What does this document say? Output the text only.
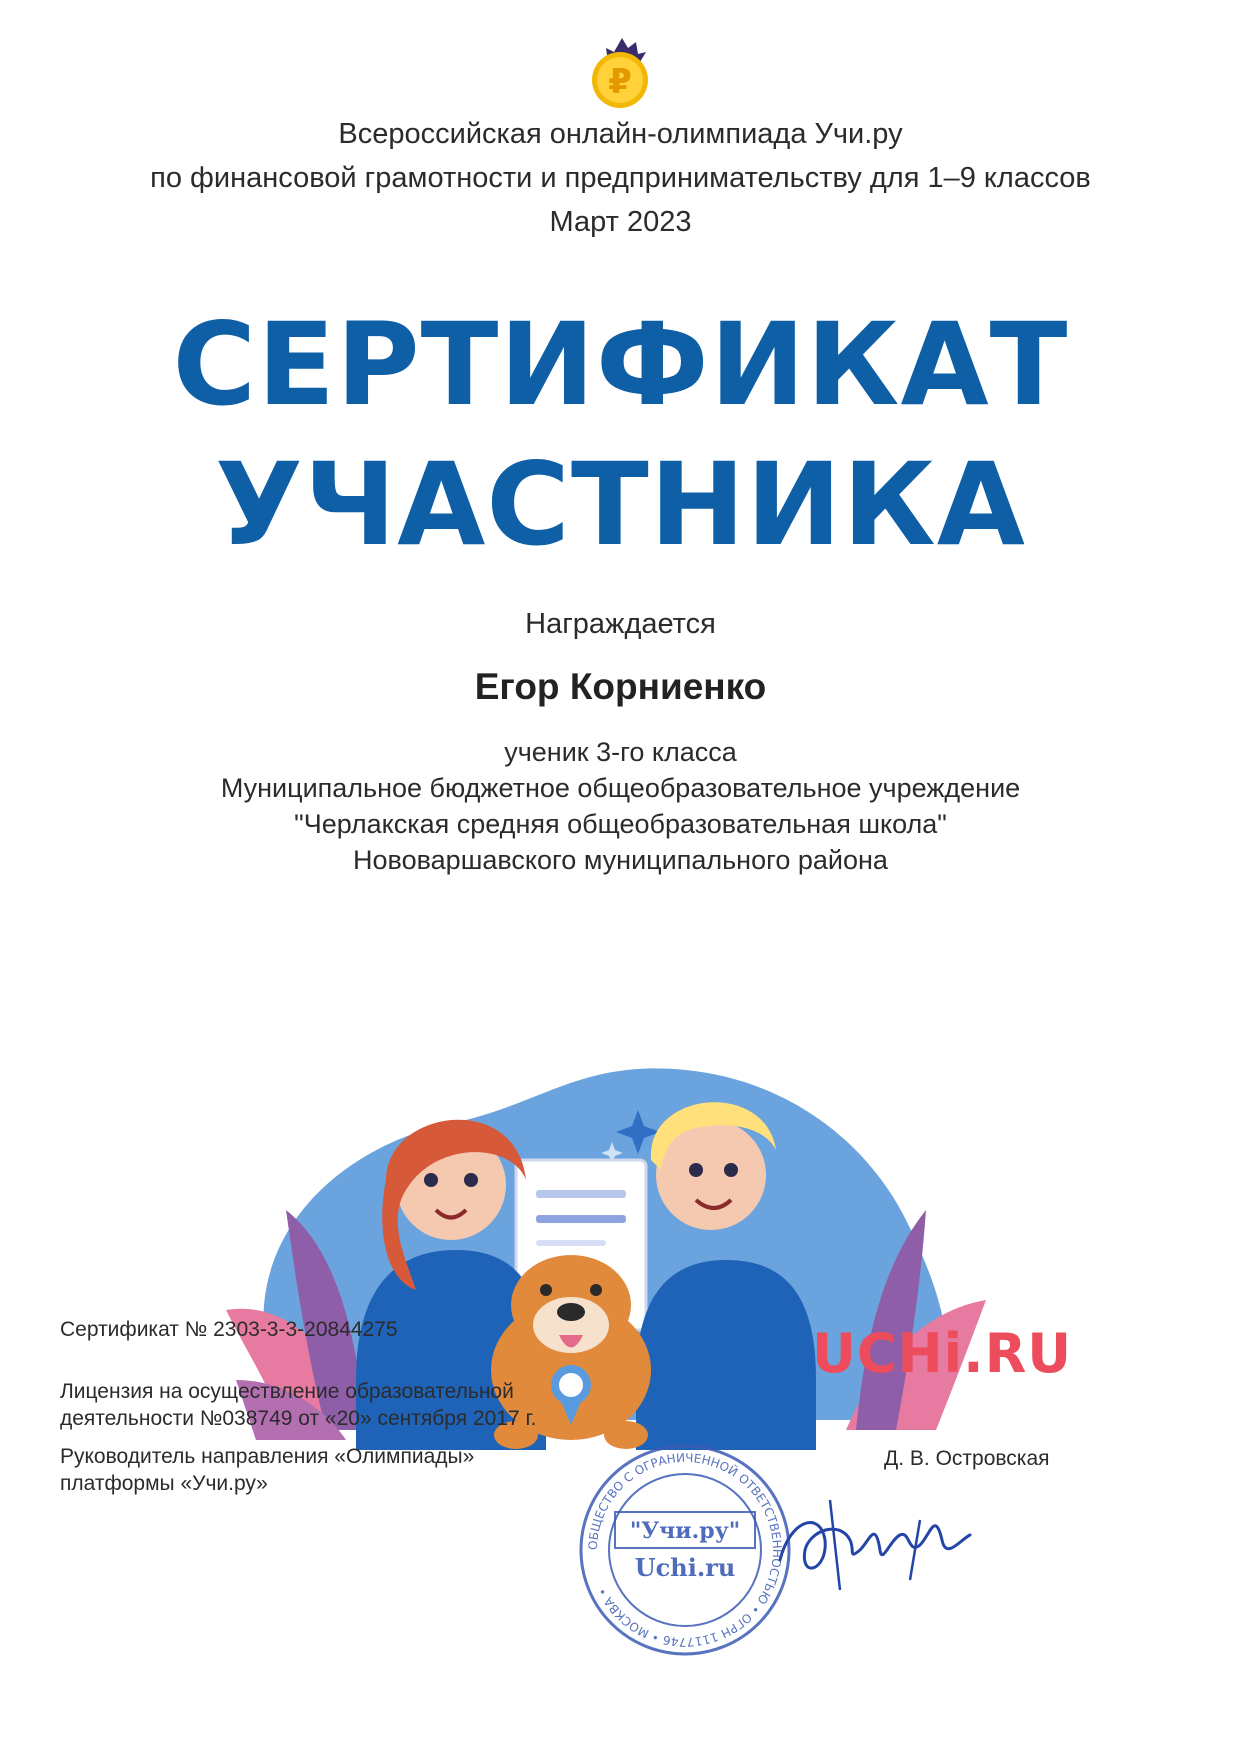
₽
Всероссийская онлайн-олимпиада Учи.ру
по финансовой грамотности и предпринимательству для 1–9 классов
Март 2023
СЕРТИФИКАТ
УЧАСТНИКА
Награждается
Егор Корниенко
ученик 3-го класса
Муниципальное бюджетное общеобразовательное учреждение
"Черлакская средняя общеобразовательная школа"
Нововаршавского муниципального района
Сертификат № 2303-3-3-20844275
Лицензия на осуществление образовательной
деятельности №038749 от «20» сентября 2017 г.
Руководитель направления «Олимпиады»
платформы «Учи.ру»
ОБЩЕСТВО С ОГРАНИЧЕННОЙ ОТВЕТСТВЕННОСТЬЮ • ОГРН 1117746 • МОСКВА •
"Учи.ру"
Uchi.ru
UCHi.RU
Д. В. Островская
